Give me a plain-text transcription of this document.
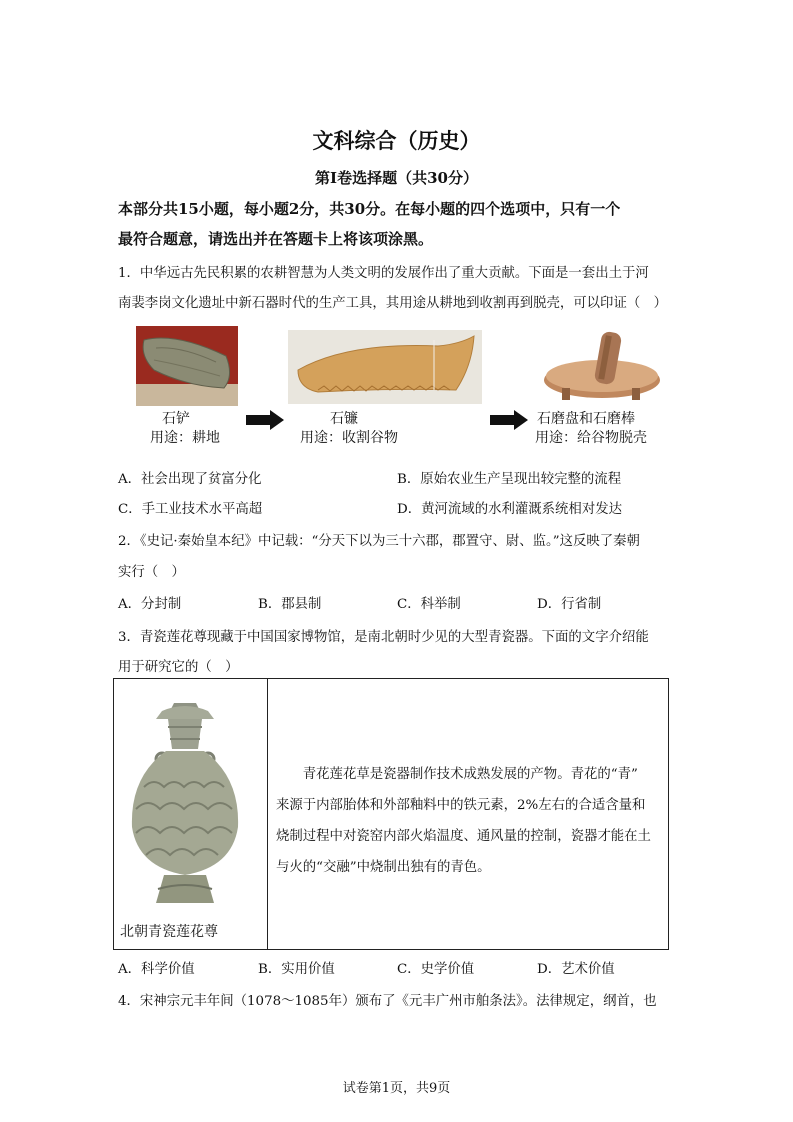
文科综合（历史）
第I卷选择题（共30分）
本部分共15小题，每小题2分，共30分。在每小题的四个选项中，只有一个
最符合题意，请选出并在答题卡上将该项涂黑。
1．中华远古先民积累的农耕智慧为人类文明的发展作出了重大贡献。下面是一套出土于河
南裴李岗文化遗址中新石器时代的生产工具，其用途从耕地到收割再到脱壳，可以印证（　）
石铲
用途：耕地
石镰
用途：收割谷物
石磨盘和石磨棒
用途：给谷物脱壳
A．社会出现了贫富分化	B．原始农业生产呈现出较完整的流程
C．手工业技术水平高超	D．黄河流域的水利灌溉系统相对发达
2．《史记·秦始皇本纪》中记载：“分天下以为三十六郡，郡置守、尉、监。”这反映了秦朝
实行（　）
A．分封制	B．郡县制	C．科举制	D．行省制
3．青瓷莲花尊现藏于中国国家博物馆，是南北朝时少见的大型青瓷器。下面的文字介绍能
用于研究它的（　）
北朝青瓷莲花尊
　　青花莲花草是瓷器制作技术成熟发展的产物。青花的“青”
来源于内部胎体和外部釉料中的铁元素，2%左右的合适含量和
烧制过程中对瓷窑内部火焰温度、通风量的控制，瓷器才能在土
与火的“交融”中烧制出独有的青色。
A．科学价值	B．实用价值	C．史学价值	D．艺术价值
4．宋神宗元丰年间（1078～1085年）颁布了《元丰广州市舶条法》。法律规定，纲首，也
试卷第1页，共9页
